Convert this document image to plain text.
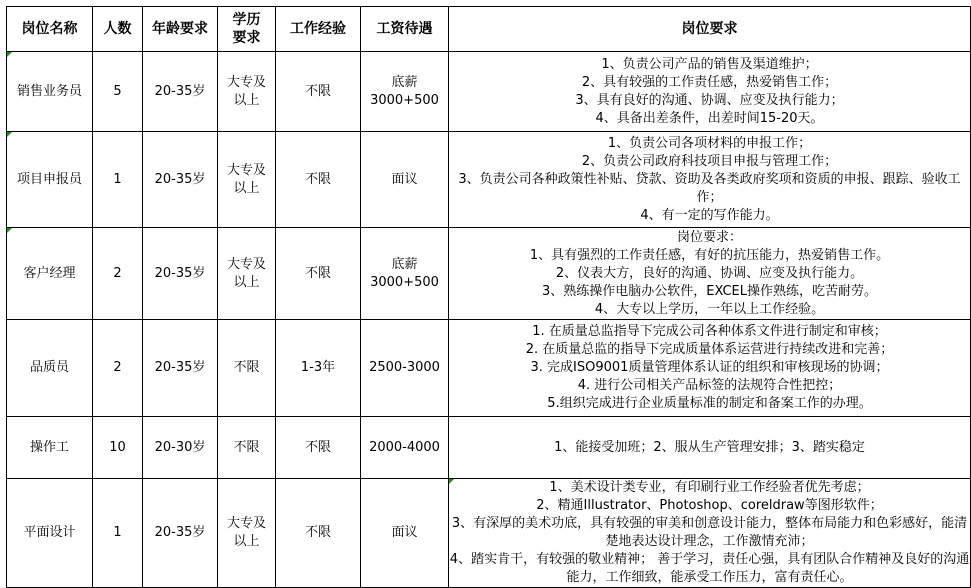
岗位名称	人数	年龄要求	学历要求	工作经验	工资待遇	岗位要求
销售业务员	5	20-35岁	大专及以上	不限	底薪3000+500	1、负责公司产品的销售及渠道维护；
2、具有较强的工作责任感，热爱销售工作；
3、具有良好的沟通、协调、应变及执行能力；
4、具备出差条件，出差时间15-20天。

项目申报员	1	20-35岁	大专及以上	不限	面议	1、负责公司各项材料的申报工作；
2、负责公司政府科技项目申报与管理工作；
3、负责公司各种政策性补贴、贷款、资助及各类政府奖项和资质的申报、跟踪、验收工作；
4、有一定的写作能力。

客户经理	2	20-35岁	大专及以上	不限	底薪3000+500	岗位要求：
1、具有强烈的工作责任感，有好的抗压能力，热爱销售工作。
2、仪表大方，良好的沟通、协调、应变及执行能力。
3、熟练操作电脑办公软件，EXCEL操作熟练，吃苦耐劳。
4、大专以上学历，一年以上工作经验。

品质员	2	20-35岁	不限	1-3年	2500-3000	1. 在质量总监指导下完成公司各种体系文件进行制定和审核；
2. 在质量总监的指导下完成质量体系运营进行持续改进和完善；
3. 完成ISO9001质量管理体系认证的组织和审核现场的协调；
4. 进行公司相关产品标签的法规符合性把控；
5.组织完成进行企业质量标准的制定和备案工作的办理。

操作工	10	20-30岁	不限	不限	2000-4000	1、能接受加班；2、服从生产管理安排；3、踏实稳定

平面设计	1	20-35岁	大专及以上	不限	面议	1、美术设计类专业，有印刷行业工作经验者优先考虑；
2、精通Illustrator、Photoshop、coreldraw等图形软件；
3、有深厚的美术功底，具有较强的审美和创意设计能力，整体布局能力和色彩感好，能清楚地表达设计理念，工作激情充沛；
4、踏实肯干，有较强的敬业精神； 善于学习，责任心强，具有团队合作精神及良好的沟通能力，工作细致，能承受工作压力，富有责任心。
